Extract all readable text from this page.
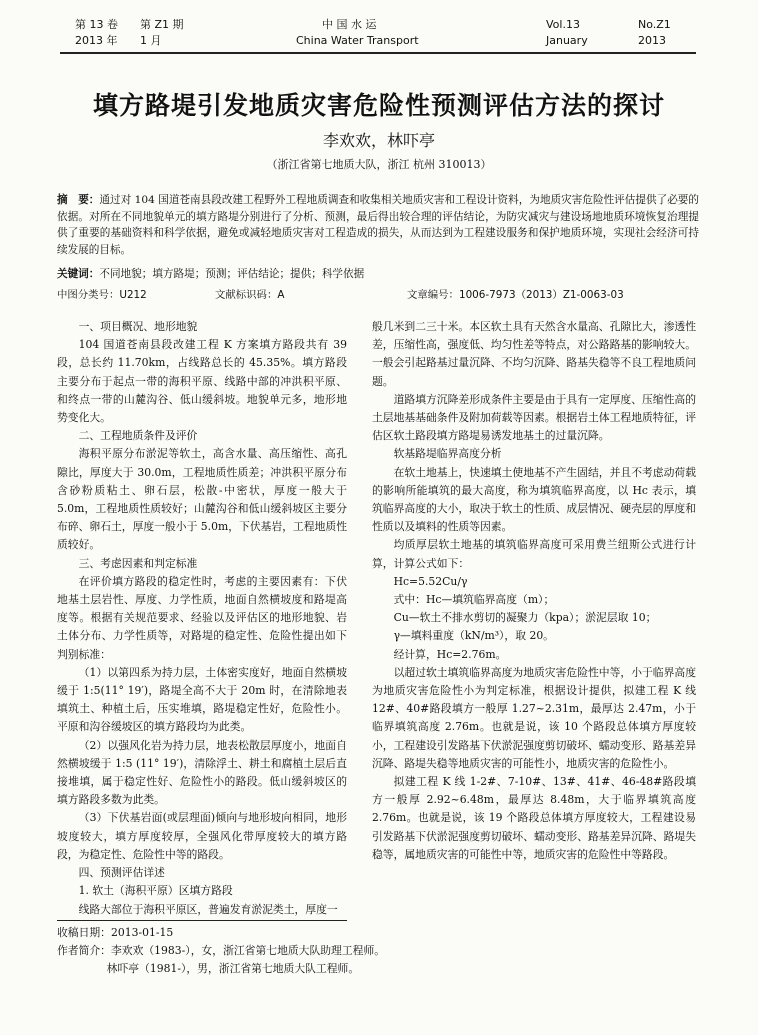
第 13 卷 第 Z1 期
2013 年 1 月
中 国 水 运
China Water Transport
Vol.13
January
No.Z1
2013
填方路堤引发地质灾害危险性预测评估方法的探讨
李欢欢，林吓亭
（浙江省第七地质大队，浙江 杭州 310013）
摘　要：通过对 104 国道苍南县段改建工程野外工程地质调查和收集相关地质灾害和工程设计资料，为地质灾害危险性评估提供了必要的依据。对所在不同地貌单元的填方路堤分别进行了分析、预测，最后得出较合理的评估结论，为防灾减灾与建设场地地质环境恢复治理提供了重要的基础资料和科学依据，避免或减轻地质灾害对工程造成的损失，从而达到为工程建设服务和保护地质环境，实现社会经济可持续发展的目标。
关键词：不同地貌；填方路堤；预测；评估结论；提供；科学依据
中图分类号：U212	文献标识码：A	文章编号：1006-7973（2013）Z1-0063-03
一、项目概况、地形地貌

104 国道苍南县段改建工程 K 方案填方路段共有 39 段，总长约 11.70km，占线路总长的 45.35%。填方路段主要分布于起点一带的海积平原、线路中部的冲洪积平原、和终点一带的山麓沟谷、低山缓斜坡。地貌单元多，地形地势变化大。

二、工程地质条件及评价

海积平原分布淤泥等软土，高含水量、高压缩性、高孔隙比，厚度大于 30.0m，工程地质性质差；冲洪积平原分布含砂粉质粘土、卵石层，松散-中密状，厚度一般大于 5.0m，工程地质性质较好；山麓沟谷和低山缓斜坡区主要分布碎、卵石土，厚度一般小于 5.0m，下伏基岩，工程地质性质较好。

三、考虑因素和判定标准

在评价填方路段的稳定性时，考虑的主要因素有：下伏地基土层岩性、厚度、力学性质，地面自然横坡度和路堤高度等。根据有关规范要求、经验以及评估区的地形地貌、岩土体分布、力学性质等，对路堤的稳定性、危险性提出如下判别标准：

（1）以第四系为持力层，土体密实度好，地面自然横坡缓于 1:5(11° 19′)，路堤全高不大于 20m 时，在清除地表填筑土、种植土后，压实堆填，路堤稳定性好，危险性小。平原和沟谷缓坡区的填方路段均为此类。

（2）以强风化岩为持力层，地表松散层厚度小，地面自然横坡缓于 1:5 (11° 19′)，清除浮土、耕土和腐植土层后直接堆填，属于稳定性好、危险性小的路段。低山缓斜坡区的填方路段多数为此类。

（3）下伏基岩面(或层理面)倾向与地形坡向相同，地形坡度较大，填方厚度较厚，全强风化带厚度较大的填方路段，为稳定性、危险性中等的路段。

四、预测评估详述

1. 软土（海积平原）区填方路段

线路大部位于海积平原区，普遍发育淤泥类土，厚度一

般几米到二三十米。本区软土具有天然含水量高、孔隙比大，渗透性差，压缩性高，强度低、均匀性差等特点，对公路路基的影响较大。一般会引起路基过量沉降、不均匀沉降、路基失稳等不良工程地质问题。

道路填方沉降差形成条件主要是由于具有一定厚度、压缩性高的土层地基基础条件及附加荷载等因素。根据岩土体工程地质特征，评估区软土路段填方路堤易诱发地基土的过量沉降。

软基路堤临界高度分析

在软土地基上，快速填土使地基不产生固结，并且不考虑动荷载的影响所能填筑的最大高度，称为填筑临界高度，以 Hc 表示，填筑临界高度的大小，取决于软土的性质、成层情况、硬壳层的厚度和性质以及填料的性质等因素。

均质厚层软土地基的填筑临界高度可采用费兰纽斯公式进行计算，计算公式如下：

Hc=5.52Cu/γ
式中：Hc—填筑临界高度（m）；
Cu—软土不排水剪切的凝聚力（kpa）；淤泥层取 10；
γ—填料重度（kN/m³），取 20。
经计算，Hc=2.76m。

以超过软土填筑临界高度为地质灾害危险性中等，小于临界高度为地质灾害危险性小为判定标准，根据设计提供，拟建工程 K 线 12#、40#路段填方一般厚 1.27~2.31m，最厚达 2.47m，小于临界填筑高度 2.76m。也就是说，该 10 个路段总体填方厚度较小，工程建设引发路基下伏淤泥强度剪切破坏、蠕动变形、路基差异沉降、路堤失稳等地质灾害的可能性小，地质灾害的危险性小。

拟建工程 K 线 1-2#、7-10#、13#、41#、46-48#路段填方一般厚 2.92~6.48m，最厚达 8.48m，大于临界填筑高度 2.76m。也就是说，该 19 个路段总体填方厚度较大，工程建设易引发路基下伏淤泥强度剪切破坏、蠕动变形、路基差异沉降、路堤失稳等，属地质灾害的可能性中等，地质灾害的危险性中等路段。

收稿日期：2013-01-15

作者简介：李欢欢（1983-），女，浙江省第七地质大队助理工程师。

林吓亭（1981-），男，浙江省第七地质大队工程师。
